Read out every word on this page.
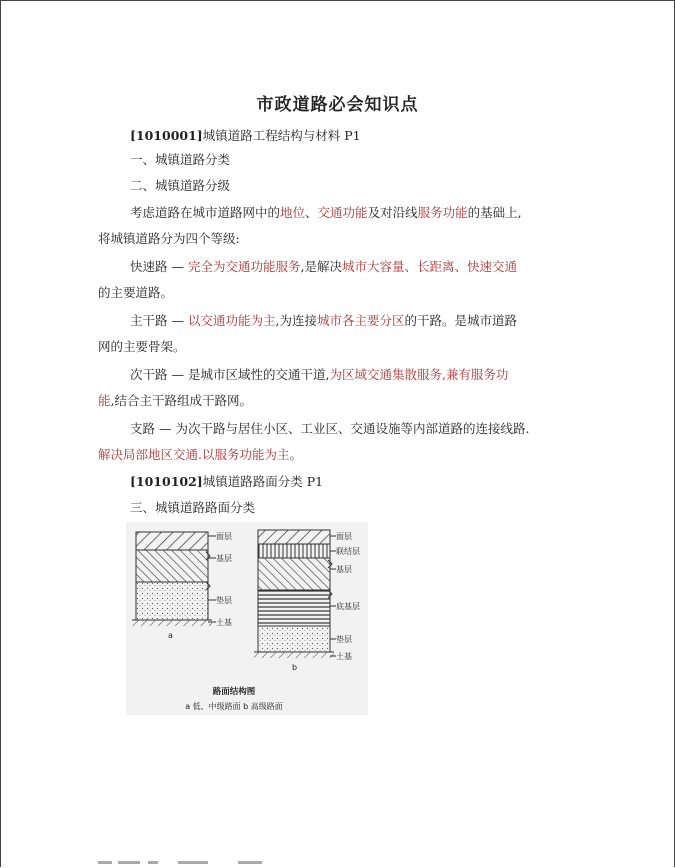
市政道路必会知识点
[1010001]城镇道路工程结构与材料 P1
一、城镇道路分类
二、城镇道路分级
考虑道路在城市道路网中的地位、交通功能及对沿线服务功能的基础上,
将城镇道路分为四个等级:
快速路 — 完全为交通功能服务,是解决城市大容量、长距离、快速交通
的主要道路。
主干路 — 以交通功能为主,为连接城市各主要分区的干路。是城市道路
网的主要骨架。
次干路 — 是城市区域性的交通干道,为区域交通集散服务,兼有服务功
能,结合主干路组成干路网。
支路 — 为次干路与居住小区、工业区、交通设施等内部道路的连接线路.
解决局部地区交通.以服务功能为主。
[1010102]城镇道路路面分类 P1
三、城镇道路路面分类
面层
基层
垫层
土基
a
面层
联结层
基层
底基层
垫层
土基
b
路面结构图
a 低、中级路面 b 高级路面
